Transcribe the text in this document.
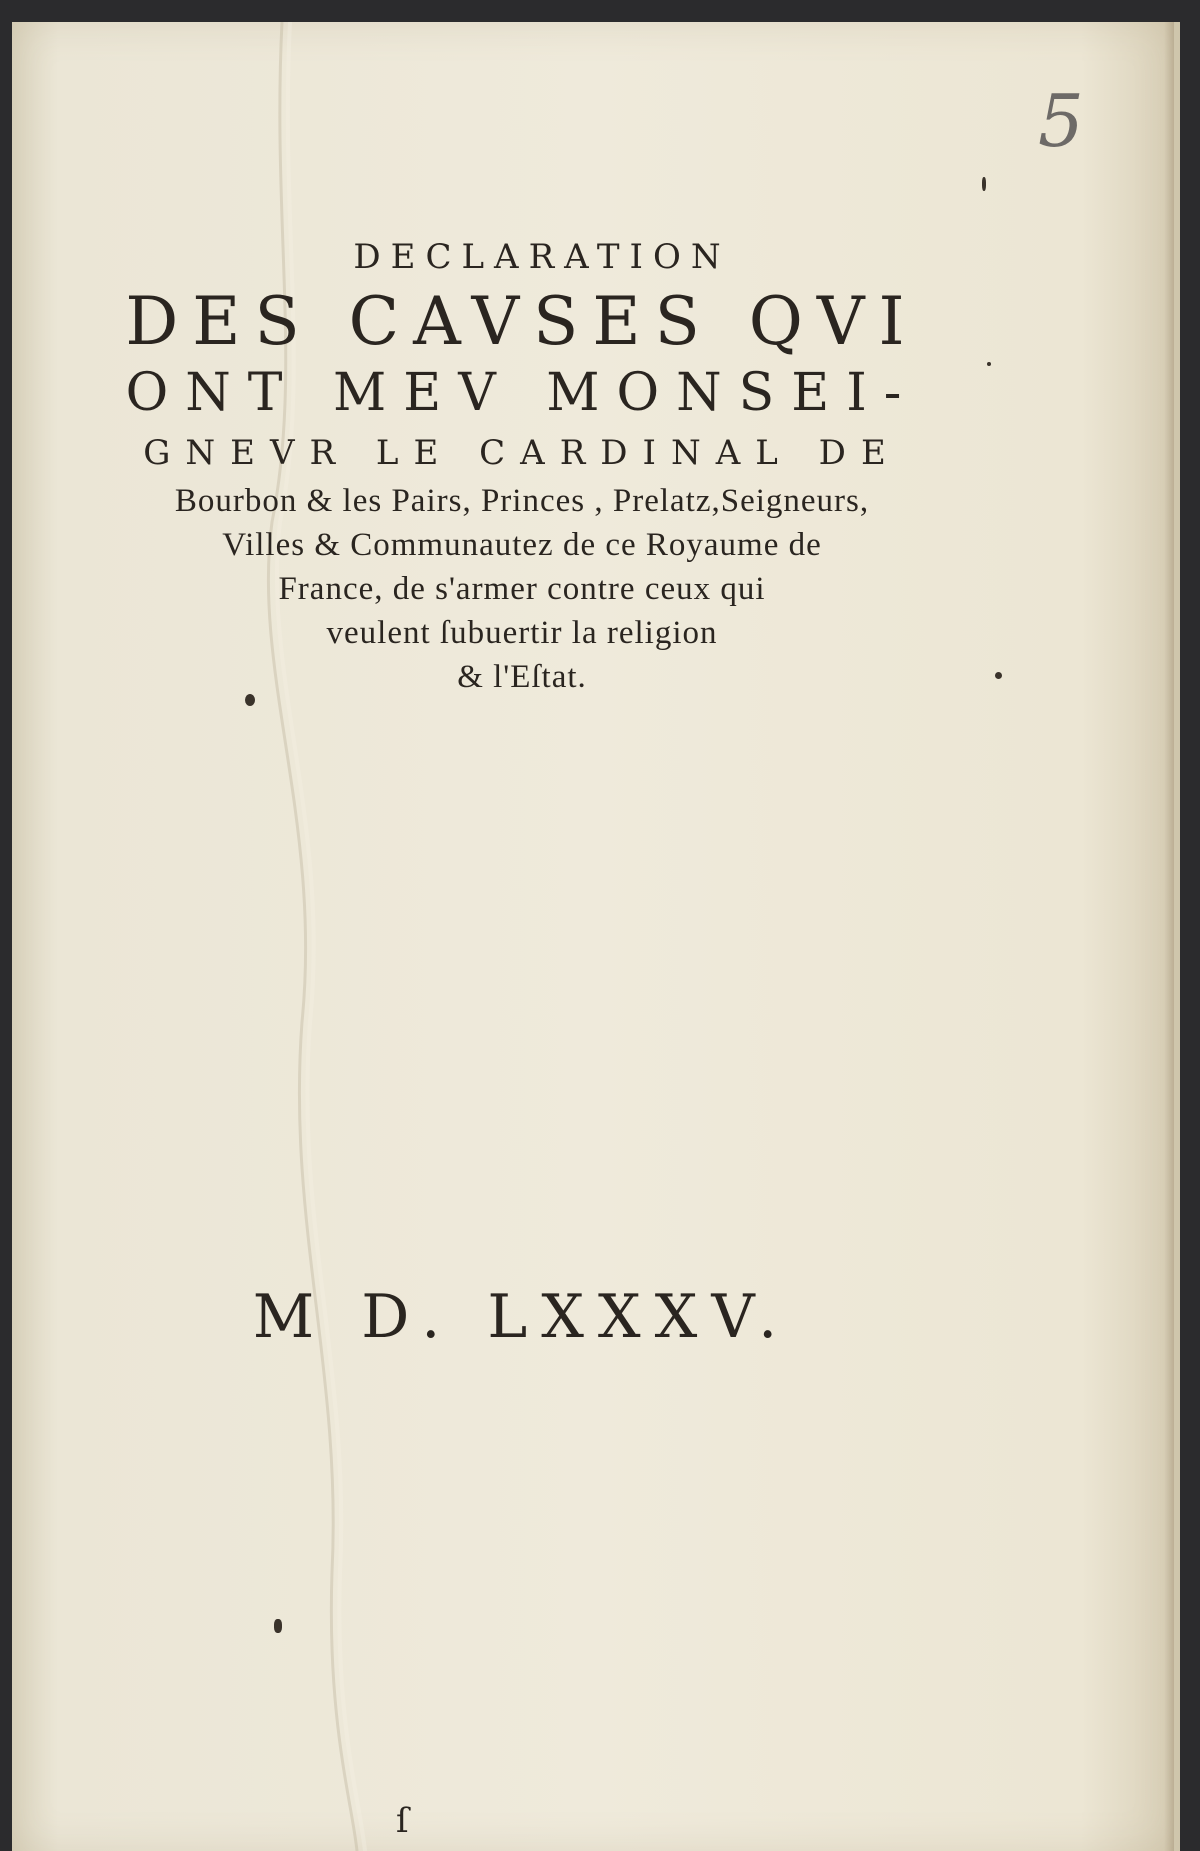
5
DECLARATION
DES CAVSES QVI
ONT MEV MONSEI-
GNEVR LE CARDINAL DE
Bourbon & les Pairs, Princes , Prelatz,Seigneurs,
Villes & Communautez de ce Royaume de
France, de s'armer contre ceux qui
veulent ſubuertir la religion
& l'Eſtat.
M D. LXXXV.
ſ
